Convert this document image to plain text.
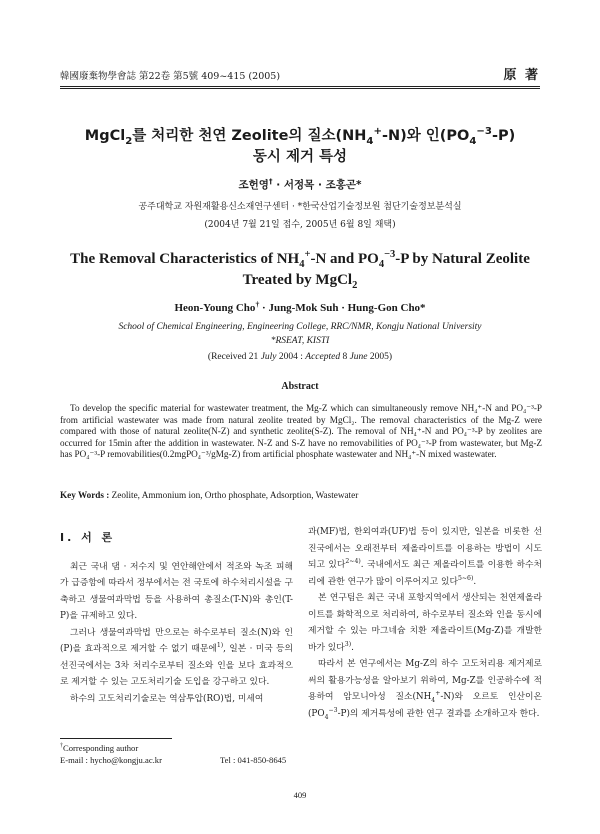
韓國廢棄物學會誌 第22卷 第5號 409~415 (2005)	原 著
MgCl$_2$를 처리한 천연 Zeolite의 질소$(NH_4^+-N)$와 인$(PO_4^{-3}-P)$
동시 제거 특성
조헌영† · 서정목 · 조홍곤*
공주대학교 자원재활용신소재연구센터 · *한국산업기술정보원 첨단기술정보분석실
(2004년 7월 21일 접수, 2005년 6월 8일 채택)
The Removal Characteristics of $NH_4^+-N$ and $PO_4^{-3}-P$ by Natural Zeolite
Treated by MgCl$_2$
Heon-Young Cho† · Jung-Mok Suh · Hung-Gon Cho*
School of Chemical Engineering, Engineering College, RRC/NMR, Kongju National University
*RSEAT, KISTI
(Received 21 July 2004 : Accepted 8 June 2005)
Abstract
To develop the specific material for wastewater treatment, the Mg-Z which can simultaneously remove NH₄⁺-N and PO₄⁻³-P from artificial wastewater was made from natural zeolite treated by MgCl₂. The removal characteristics of the Mg-Z were compared with those of natural zeolite(N-Z) and synthetic zeolite(S-Z). The removal of NH₄⁺-N and PO₄⁻³-P by zeolites are occurred for 15min after the addition in wastewater. N-Z and S-Z have no removabilities of PO₄⁻³-P from wastewater, but Mg-Z has PO₄⁻³-P removabilities(0.2mgPO₄⁻³/gMg-Z) from artificial phosphate wastewater and NH₄⁺-N mixed wastewater.
Key Words : Zeolite, Ammonium ion, Ortho phosphate, Adsorption, Wastewater

I. 서 론

최근 국내 댐 · 저수지 및 연안해안에서 적조와 녹조 피해가 급증함에 따라서 정부에서는 전 국토에 하수처리시설을 구축하고 생물여과막법 등을 사용하여 총질소(T-N)와 총인(T-P)을 규제하고 있다.

그러나 생물여과막법 만으로는 하수로부터 질소(N)와 인(P)을 효과적으로 제거할 수 없기 때문에$^{1)}$, 일본 · 미국 등의 선진국에서는 3차 처리수로부터 질소와 인을 보다 효과적으로 제거할 수 있는 고도처리기술 도입을 강구하고 있다.

하수의 고도처리기술로는 역삼투압(RO)법, 미세여

과(MF)법, 한외여과(UF)법 등이 있지만, 일본을 비롯한 선진국에서는 오래전부터 제올라이트를 이용하는 방법이 시도되고 있다$^{2\sim 4)}$. 국내에서도 최근 제올라이트를 이용한 하수처리에 관한 연구가 많이 이루어지고 있다$^{5\sim 6)}$.

본 연구팀은 최근 국내 포항지역에서 생산되는 천연제올라이트를 화학적으로 처리하여, 하수로부터 질소와 인을 동시에 제거할 수 있는 마그네슘 치환 제올라이트(Mg-Z)를 개발한 바가 있다$^{3)}$.

따라서 본 연구에서는 Mg-Z의 하수 고도처리용 제거제로써의 활용가능성을 알아보기 위하여, Mg-Z를 인공하수에 적용하여 암모니아성 질소$(NH_4^+-N)$와 오르토 인산이온$(PO_4^{-3}-P)$의 제거특성에 관한 연구 결과를 소개하고자 한다.

†Corresponding author
E-mail : hycho@kongju.ac.kr	Tel : 041-850-8645
409
